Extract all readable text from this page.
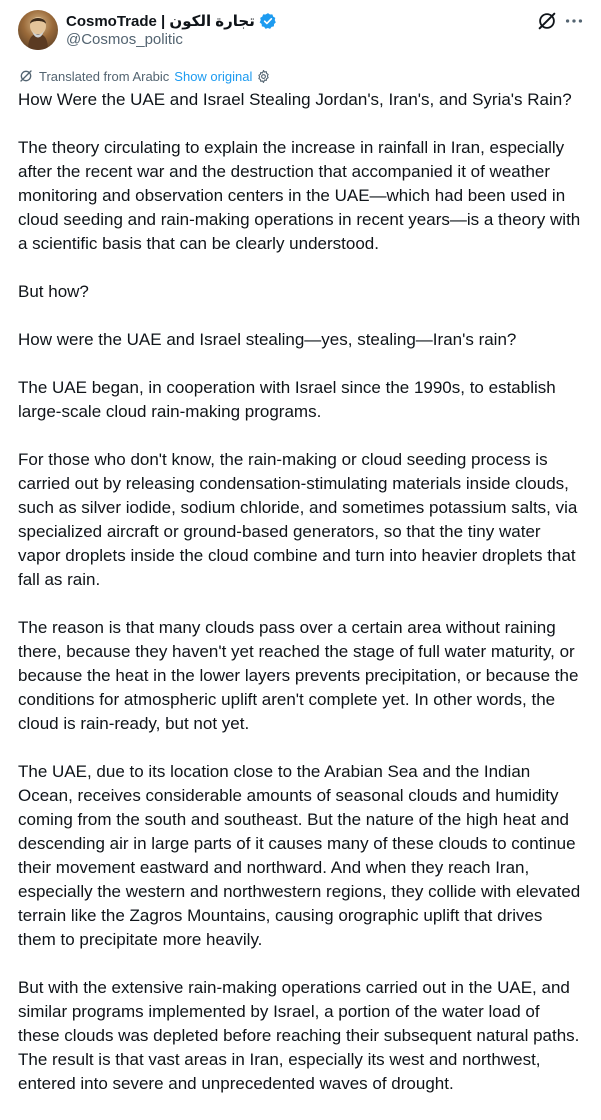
CosmoTrade | تجارة الكون
@Cosmos_politic
Translated from Arabic Show original

How Were the UAE and Israel Stealing Jordan's, Iran's, and Syria's Rain?

The theory circulating to explain the increase in rainfall in Iran, especially after the recent war and the destruction that accompanied it of weather monitoring and observation centers in the UAE—which had been used in cloud seeding and rain-making operations in recent years—is a theory with a scientific basis that can be clearly understood.

But how?

How were the UAE and Israel stealing—yes, stealing—Iran's rain?

The UAE began, in cooperation with Israel since the 1990s, to establish large-scale cloud rain-making programs.

For those who don't know, the rain-making or cloud seeding process is carried out by releasing condensation-stimulating materials inside clouds, such as silver iodide, sodium chloride, and sometimes potassium salts, via specialized aircraft or ground-based generators, so that the tiny water vapor droplets inside the cloud combine and turn into heavier droplets that fall as rain.

The reason is that many clouds pass over a certain area without raining there, because they haven't yet reached the stage of full water maturity, or because the heat in the lower layers prevents precipitation, or because the conditions for atmospheric uplift aren't complete yet. In other words, the cloud is rain-ready, but not yet.

The UAE, due to its location close to the Arabian Sea and the Indian Ocean, receives considerable amounts of seasonal clouds and humidity coming from the south and southeast. But the nature of the high heat and descending air in large parts of it causes many of these clouds to continue their movement eastward and northward. And when they reach Iran, especially the western and northwestern regions, they collide with elevated terrain like the Zagros Mountains, causing orographic uplift that drives them to precipitate more heavily.

But with the extensive rain-making operations carried out in the UAE, and similar programs implemented by Israel, a portion of the water load of these clouds was depleted before reaching their subsequent natural paths. The result is that vast areas in Iran, especially its west and northwest, entered into severe and unprecedented waves of drought.
